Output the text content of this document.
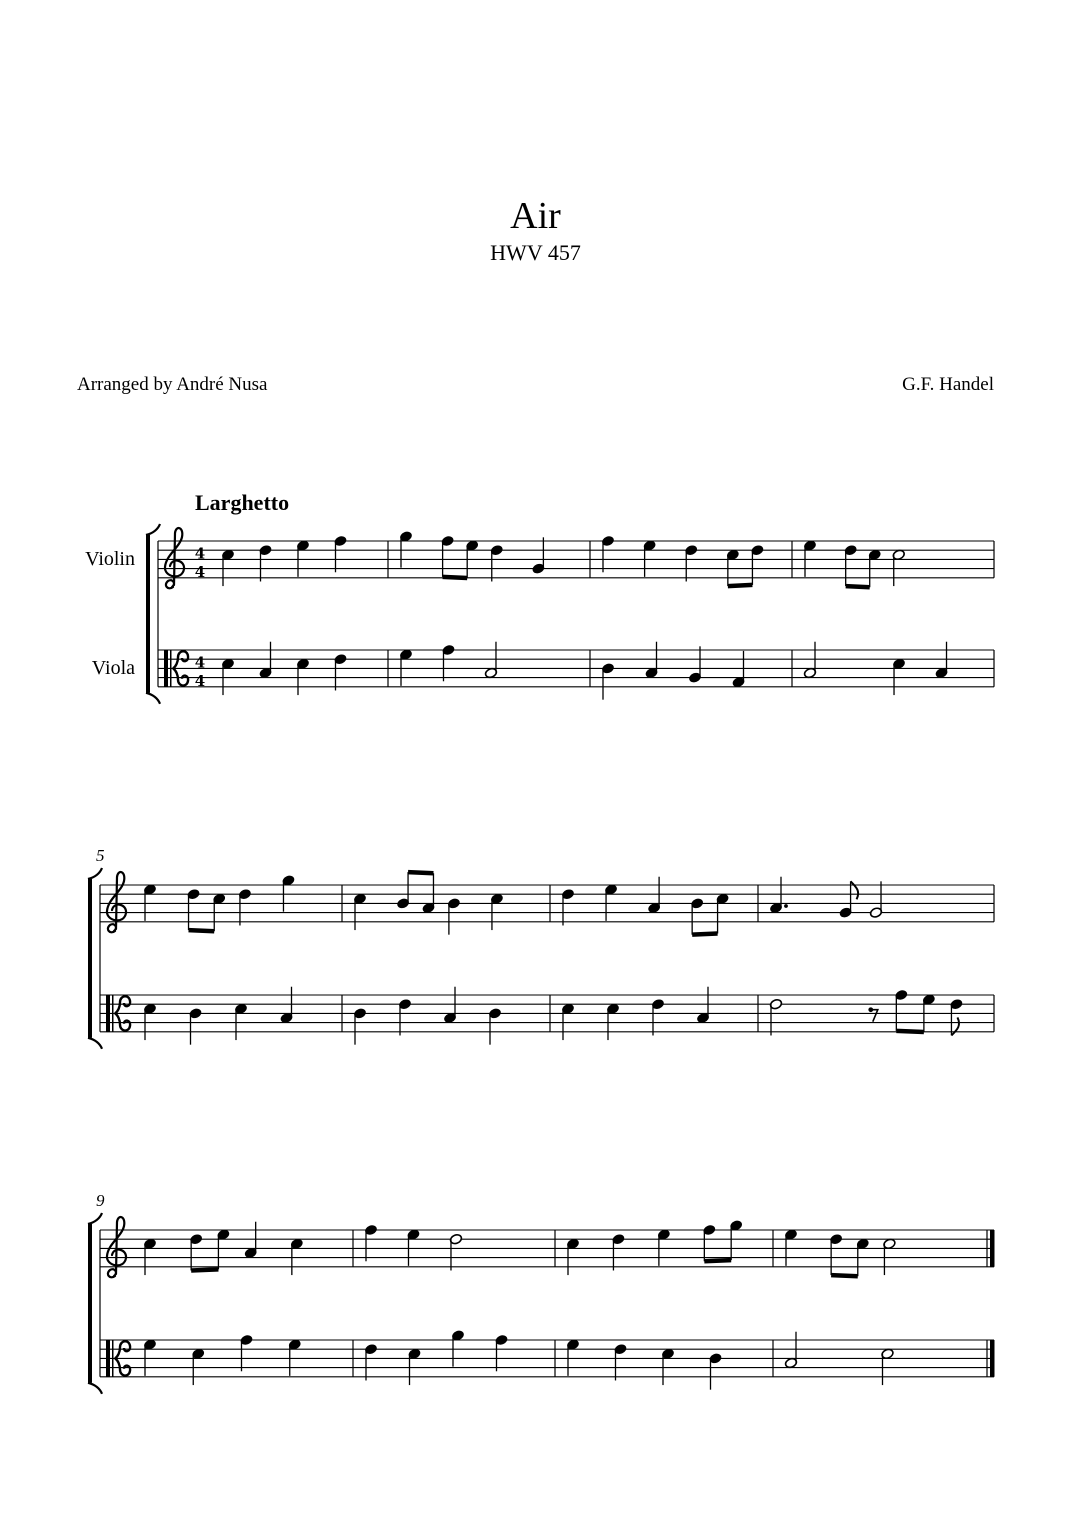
Air
HWV 457
Arranged by André Nusa	G.F. Handel
Larghetto
4
4
4
4
Violin
Viola
5
9
